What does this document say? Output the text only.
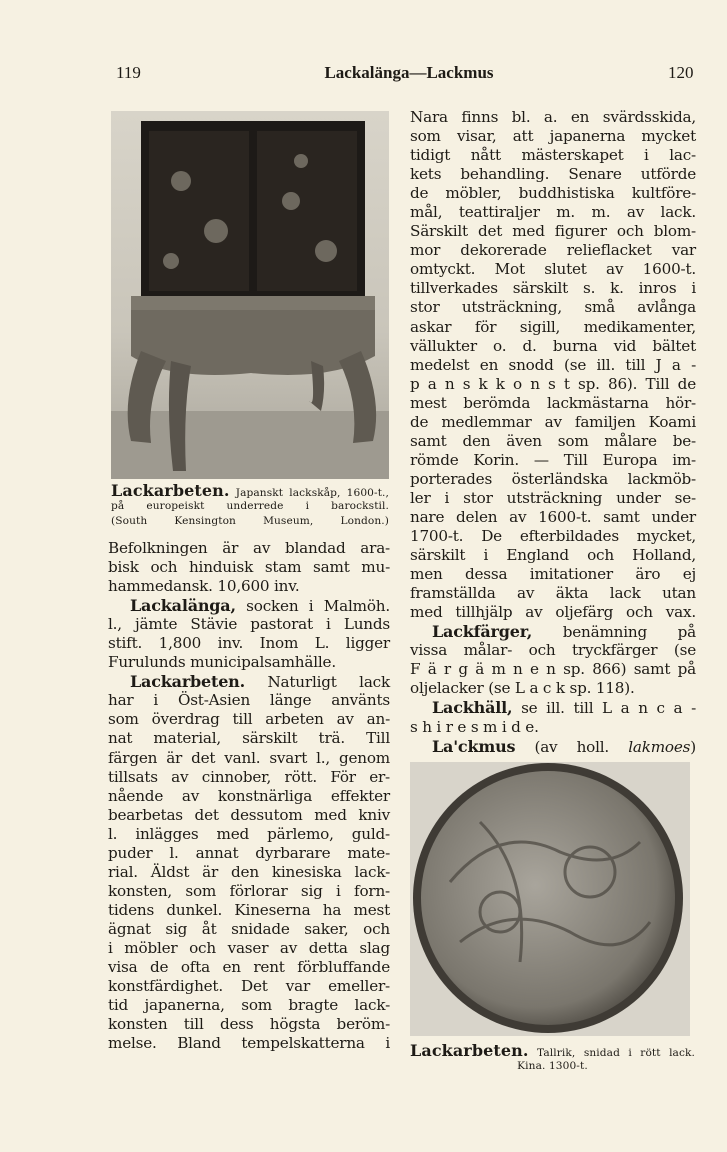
119	Lackalänga—Lackmus	120
Lackarbeten. Japanskt lackskåp, 1600-t.,
på europeiskt underrede i barockstil.
(South Kensington Museum, London.)
Befolkningen är av blandad ara-
bisk och hinduisk stam samt mu-
hammedansk. 10,600 inv.
Lackalänga, socken i Malmöh.
l., jämte Stävie pastorat i Lunds
stift. 1,800 inv. Inom L. ligger
Furulunds municipalsamhälle.
Lackarbeten. Naturligt lack
har i Öst-Asien länge använts
som överdrag till arbeten av an-
nat material, särskilt trä. Till
färgen är det vanl. svart l., genom
tillsats av cinnober, rött. För er-
nående av konstnärliga effekter
bearbetas det dessutom med kniv
l. inlägges med pärlemo, guld-
puder l. annat dyrbarare mate-
rial. Äldst är den kinesiska lack-
konsten, som förlorar sig i forn-
tidens dunkel. Kineserna ha mest
ägnat sig åt snidade saker, och
i möbler och vaser av detta slag
visa de ofta en rent förbluffande
konstfärdighet. Det var emeller-
tid japanerna, som bragte lack-
konsten till dess högsta beröm-
melse. Bland tempelskatterna i
Nara finns bl. a. en svärdsskida,
som visar, att japanerna mycket
tidigt nått mästerskapet i lac-
kets behandling. Senare utförde
de möbler, buddhistiska kultföre-
mål, teattiraljer m. m. av lack.
Särskilt det med figurer och blom-
mor dekorerade relieflacket var
omtyckt. Mot slutet av 1600-t.
tillverkades särskilt s. k. inros i
stor utsträckning, små avlånga
askar för sigill, medikamenter,
vällukter o. d. burna vid bältet
medelst en snodd (se ill. till J a -
p a n s k k o n s t sp. 86). Till de
mest berömda lackmästarna hör-
de medlemmar av familjen Koami
samt den även som målare be-
römde Korin. — Till Europa im-
porterades österländska lackmöb-
ler i stor utsträckning under se-
nare delen av 1600-t. samt under
1700-t. De efterbildades mycket,
särskilt i England och Holland,
men dessa imitationer äro ej
framställda av äkta lack utan
med tillhjälp av oljefärg och vax.
Lackfärger, benämning på
vissa målar- och tryckfärger (se
F ä r g ä m n e n sp. 866) samt på
oljelacker (se L a c k sp. 118).
Lackhäll, se ill. till L a n c a -
s h i r e s m i d e.
La'ckmus (av holl. lakmoes)
Lackarbeten. Tallrik, snidad i rött lack.
Kina. 1300-t.
